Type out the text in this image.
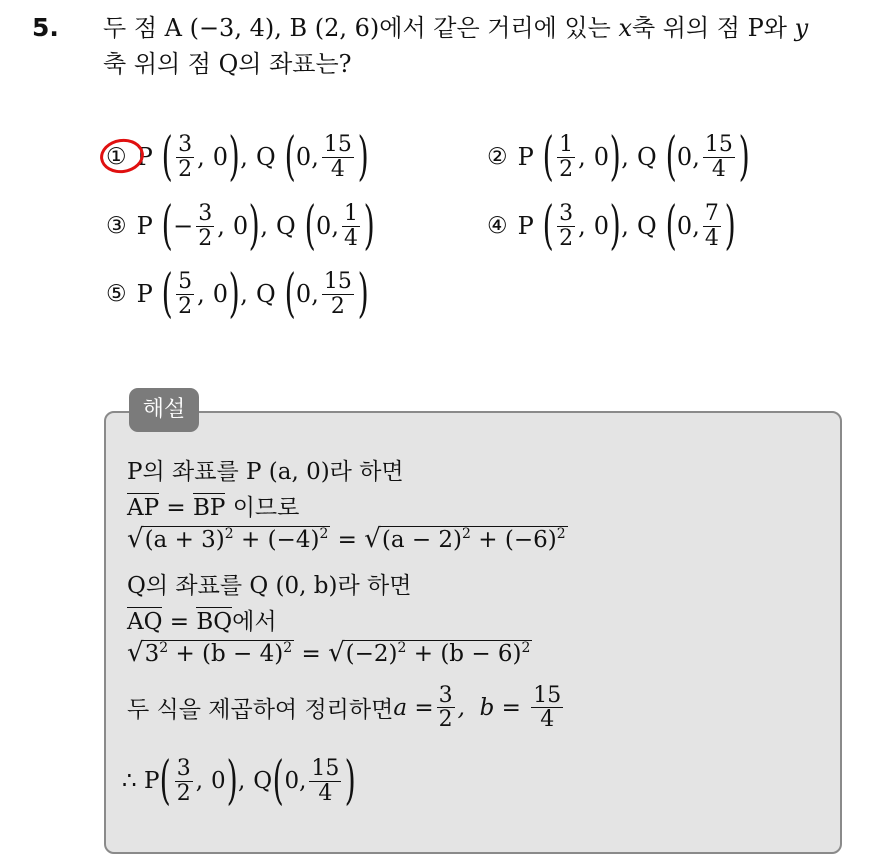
5. 두 점 A (−3, 4), B (2, 6)에서 같은 거리에 있는 x축 위의 점 P와 y
축 위의 점 Q의 좌표는?
① P ( $\frac{3}{2}$ , 0 ) , Q ( 0 , $\frac{15}{4}$ )	② P ( $\frac{1}{2}$ , 0 ) , Q ( 0 , $\frac{15}{4}$ )
③ P ( − $\frac{3}{2}$ , 0 ) , Q ( 0 , $\frac{1}{4}$ )	④ P ( $\frac{3}{2}$ , 0 ) , Q ( 0 , $\frac{7}{4}$ )
⑤ P ( $\frac{5}{2}$ , 0 ) , Q ( 0 , $\frac{15}{2}$ )
해설
P의 좌표를 P (a, 0)라 하면
AP = BP 이므로
$√(a + 3)^2 + (-4)^2 = √(a - 2)^2 + (-6)^2$
Q의 좌표를 Q (0, b)라 하면
AQ = BQ에서
$√3^2 + (b - 4)^2 = √(-2)^2 + (b - 6)^2$
두 식을 제곱하여 정리하면 $a = \frac{3}{2}$ ,  $b = \frac{15}{4}$
∴ P ( $\frac{3}{2}$ , 0 ) , Q ( 0 , $\frac{15}{4}$ )
